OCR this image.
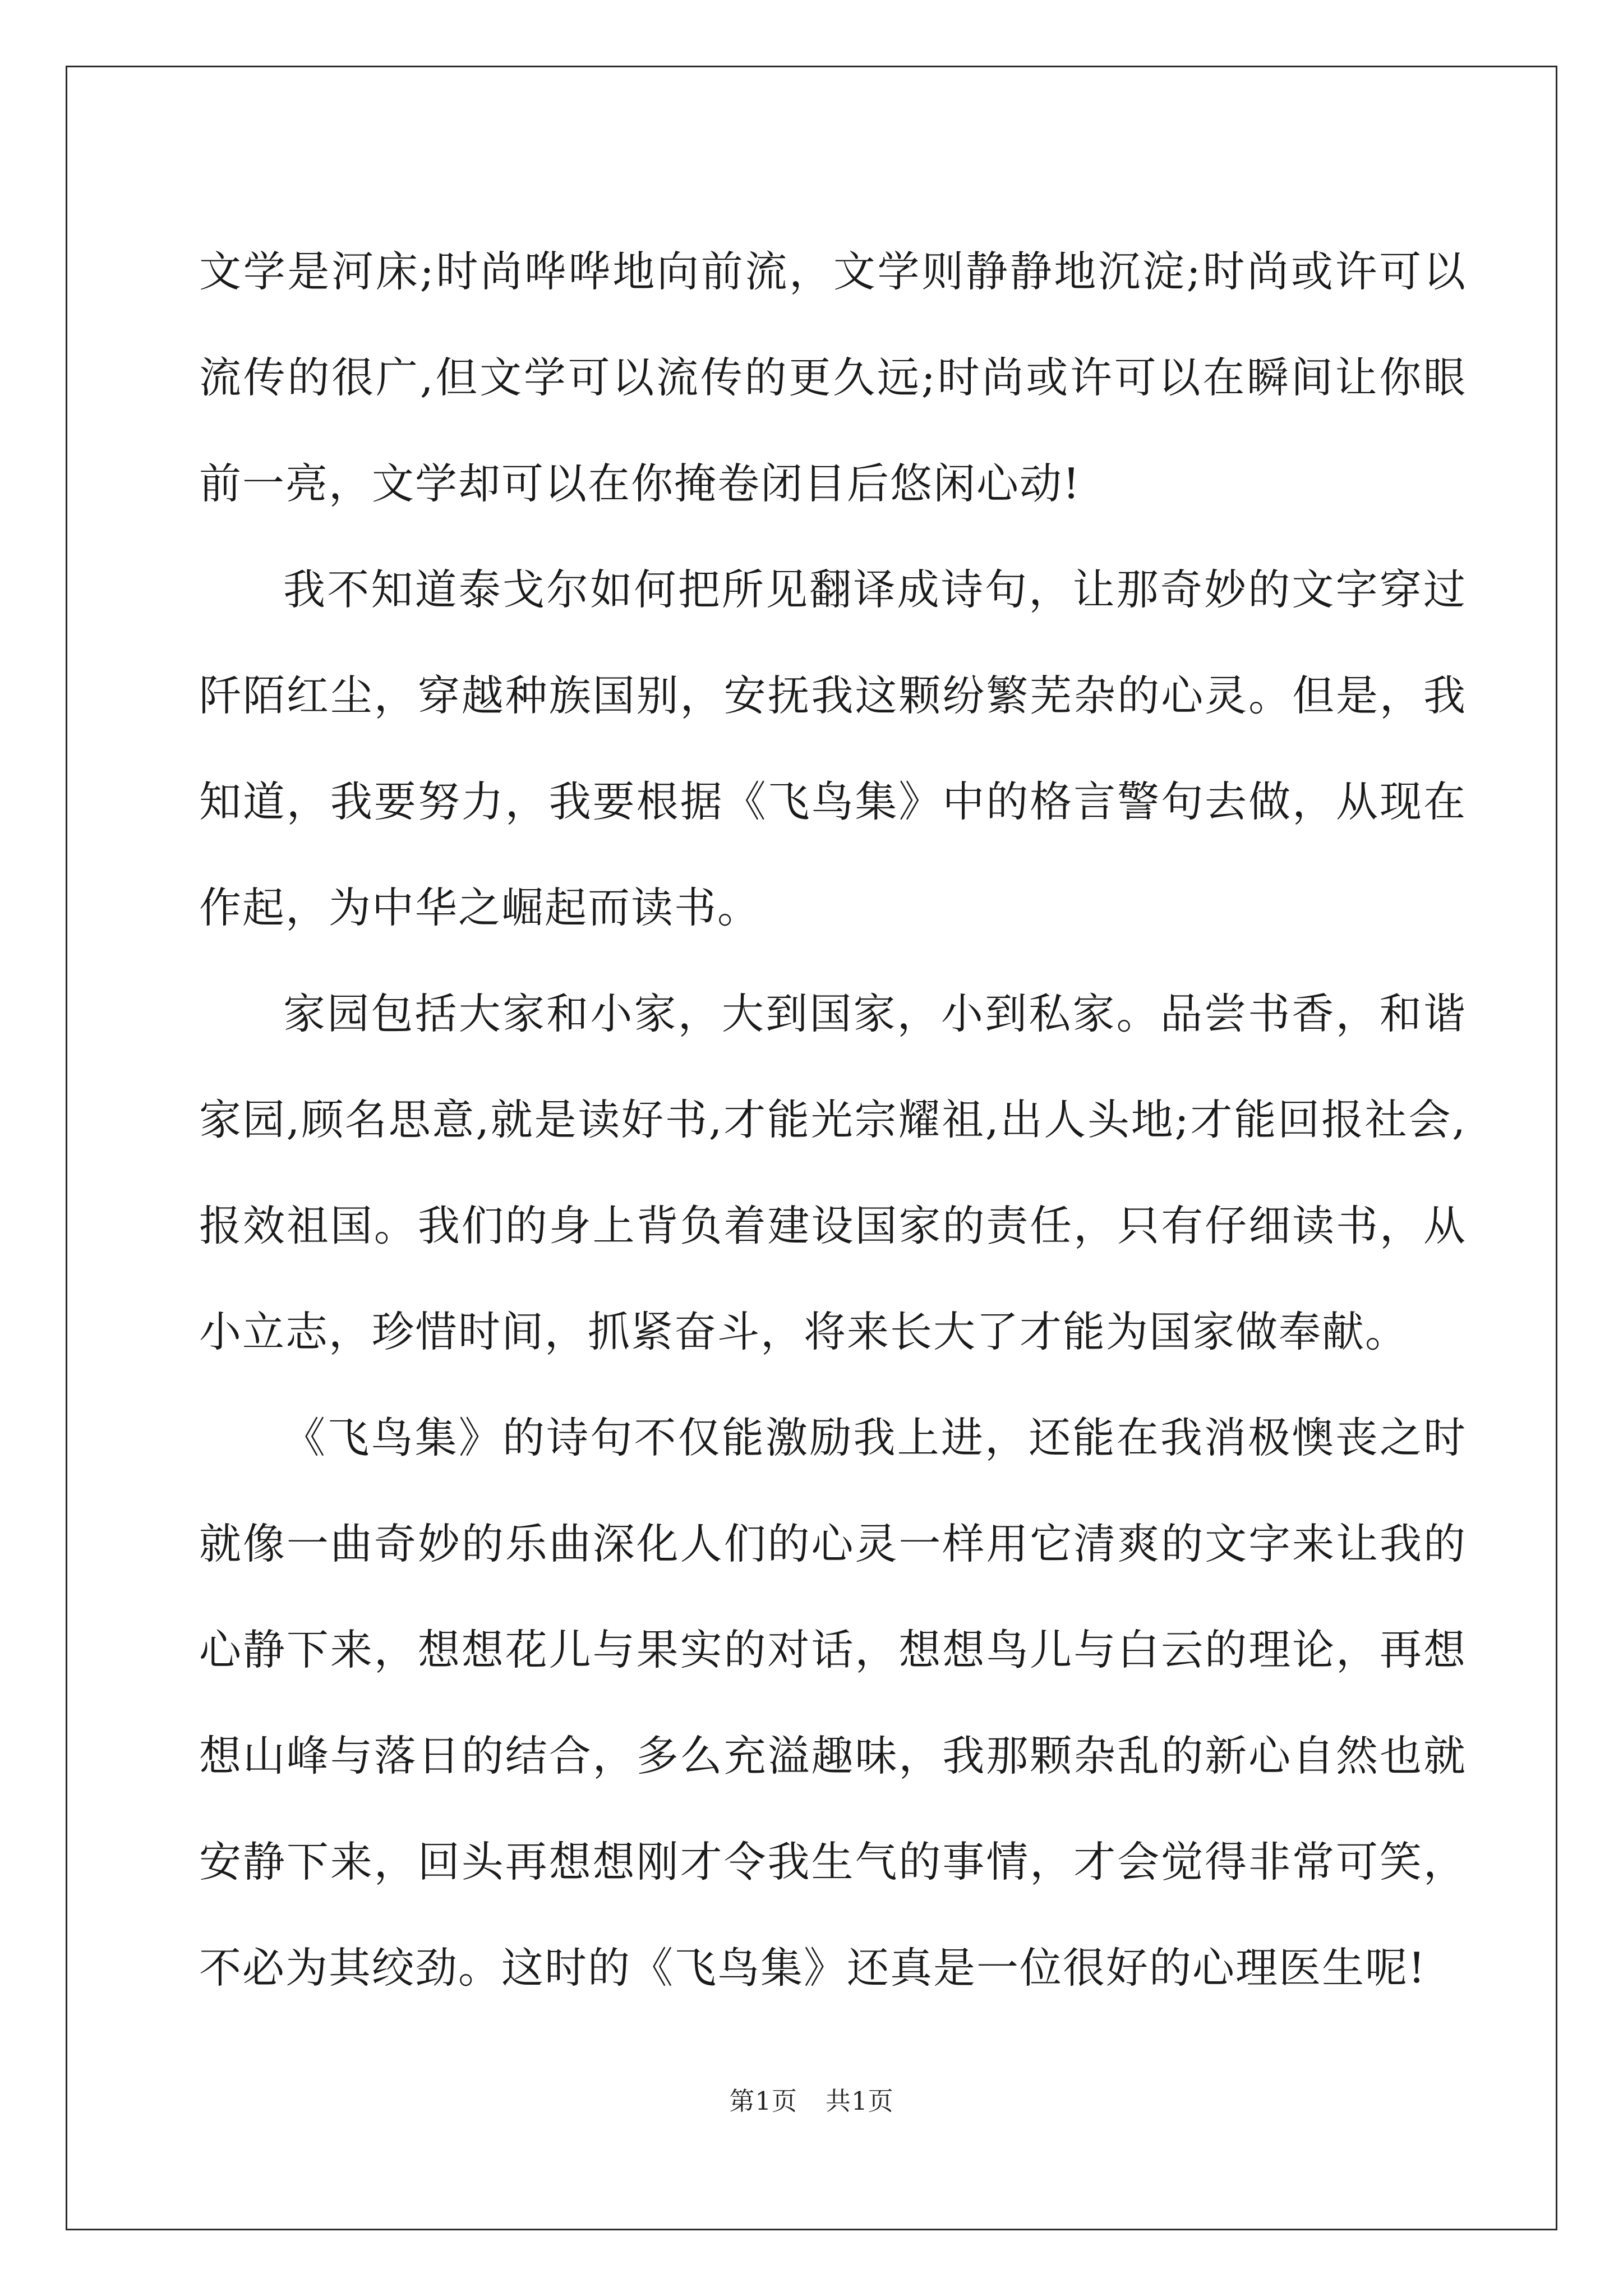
文学是河床;时尚哗哗地向前流，文学则静静地沉淀;时尚或许可以流传的很广,但文学可以流传的更久远;时尚或许可以在瞬间让你眼前一亮，文学却可以在你掩卷闭目后悠闲心动!

我不知道泰戈尔如何把所见翻译成诗句，让那奇妙的文字穿过阡陌红尘，穿越种族国别，安抚我这颗纷繁芜杂的心灵。但是，我知道，我要努力，我要根据《飞鸟集》中的格言警句去做，从现在作起，为中华之崛起而读书。

家园包括大家和小家，大到国家，小到私家。品尝书香，和谐家园,顾名思意,就是读好书,才能光宗耀祖,出人头地;才能回报社会,报效祖国。我们的身上背负着建设国家的责任，只有仔细读书，从小立志，珍惜时间，抓紧奋斗，将来长大了才能为国家做奉献。

《飞鸟集》的诗句不仅能激励我上进，还能在我消极懊丧之时就像一曲奇妙的乐曲深化人们的心灵一样用它清爽的文字来让我的心静下来，想想花儿与果实的对话，想想鸟儿与白云的理论，再想想山峰与落日的结合，多么充溢趣味，我那颗杂乱的新心自然也就安静下来，回头再想想刚才令我生气的事情，才会觉得非常可笑，不必为其绞劲。这时的《飞鸟集》还真是一位很好的心理医生呢!

第1页 共1页
